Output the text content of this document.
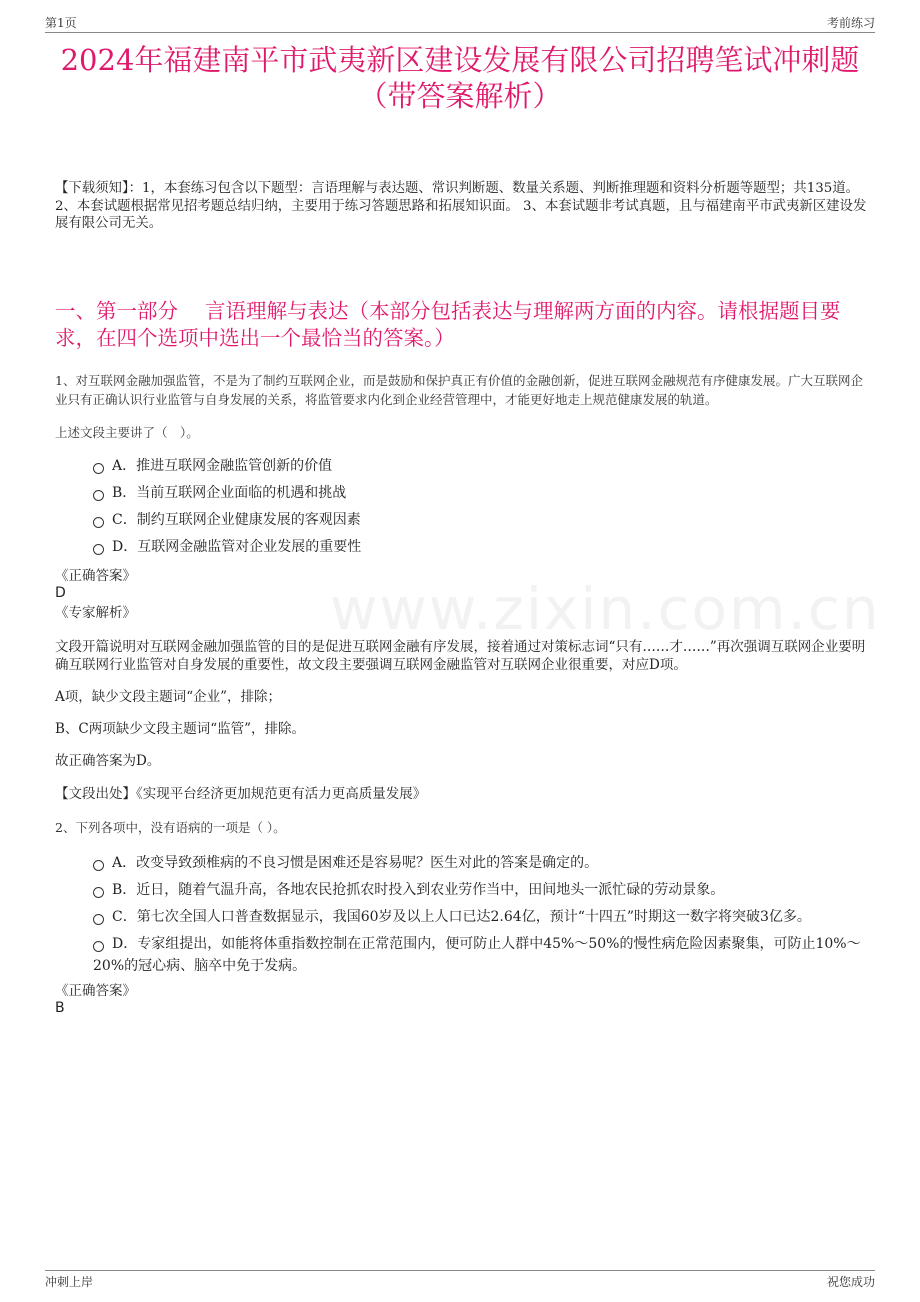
第1页	考前练习
www.zixin.com.cn
2024年福建南平市武夷新区建设发展有限公司招聘笔试冲刺题
（带答案解析）
【下载须知】：1，本套练习包含以下题型：言语理解与表达题、常识判断题、数量关系题、判断推理题和资料分析题等题型；共135道。 2、本套试题根据常见招考题总结归纳，主要用于练习答题思路和拓展知识面。 3、本套试题非考试真题，且与福建南平市武夷新区建设发展有限公司无关。
一、第一部分　 言语理解与表达（本部分包括表达与理解两方面的内容。请根据题目要求，在四个选项中选出一个最恰当的答案。）
1、对互联网金融加强监管，不是为了制约互联网企业，而是鼓励和保护真正有价值的金融创新，促进互联网金融规范有序健康发展。广大互联网企业只有正确认识行业监管与自身发展的关系，将监管要求内化到企业经营管理中，才能更好地走上规范健康发展的轨道。
上述文段主要讲了（　）。
A．推进互联网金融监管创新的价值
B．当前互联网企业面临的机遇和挑战
C．制约互联网企业健康发展的客观因素
D．互联网金融监管对企业发展的重要性
《正确答案》
D
《专家解析》
文段开篇说明对互联网金融加强监管的目的是促进互联网金融有序发展，接着通过对策标志词“只有……才……”再次强调互联网企业要明确互联网行业监管对自身发展的重要性，故文段主要强调互联网金融监管对互联网企业很重要，对应D项。
A项，缺少文段主题词“企业”，排除；
B、C两项缺少文段主题词“监管”，排除。
故正确答案为D。
【文段出处】《实现平台经济更加规范更有活力更高质量发展》
2、下列各项中，没有语病的一项是（ ）。
A．改变导致颈椎病的不良习惯是困难还是容易呢？医生对此的答案是确定的。
B．近日，随着气温升高，各地农民抢抓农时投入到农业劳作当中，田间地头一派忙碌的劳动景象。
C．第七次全国人口普查数据显示，我国60岁及以上人口已达2.64亿，预计“十四五”时期这一数字将突破3亿多。
D．专家组提出，如能将体重指数控制在正常范围内，便可防止人群中45%～50%的慢性病危险因素聚集，可防止10%～20%的冠心病、脑卒中免于发病。
《正确答案》
B
冲刺上岸	祝您成功
